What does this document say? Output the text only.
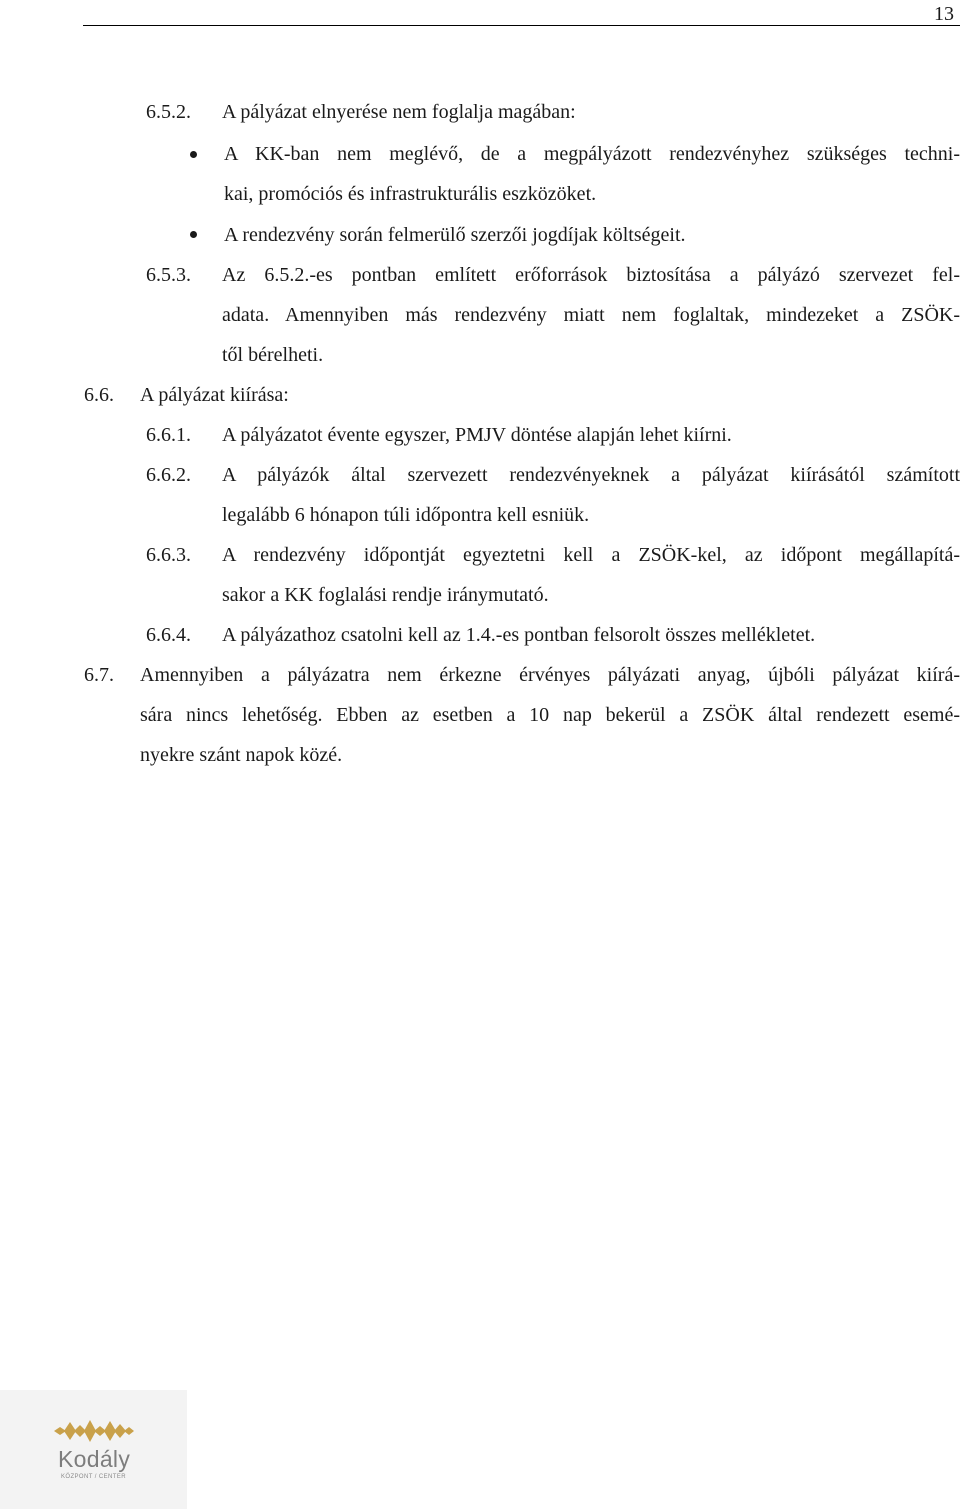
13
6.5.2. A pályázat elnyerése nem foglalja magában:
A KK-ban nem meglévő, de a megpályázott rendezvényhez szükséges techni-
kai, promóciós és infrastrukturális eszközöket.
A rendezvény során felmerülő szerzői jogdíjak költségeit.
6.5.3. Az 6.5.2.-es pontban említett erőforrások biztosítása a pályázó szervezet fel-
adata. Amennyiben más rendezvény miatt nem foglaltak, mindezeket a ZSÖK-
től bérelheti.
6.6. A pályázat kiírása:
6.6.1. A pályázatot évente egyszer, PMJV döntése alapján lehet kiírni.
6.6.2. A pályázók által szervezett rendezvényeknek a pályázat kiírásától számított
legalább 6 hónapon túli időpontra kell esniük.
6.6.3. A rendezvény időpontját egyeztetni kell a ZSÖK-kel, az időpont megállapítá-
sakor a KK foglalási rendje iránymutató.
6.6.4. A pályázathoz csatolni kell az 1.4.-es pontban felsorolt összes mellékletet.
6.7. Amennyiben a pályázatra nem érkezne érvényes pályázati anyag, újbóli pályázat kiírá-
sára nincs lehetőség. Ebben az esetben a 10 nap bekerül a ZSÖK által rendezett esemé-
nyekre szánt napok közé.
Kodály
KÖZPONT / CENTER
